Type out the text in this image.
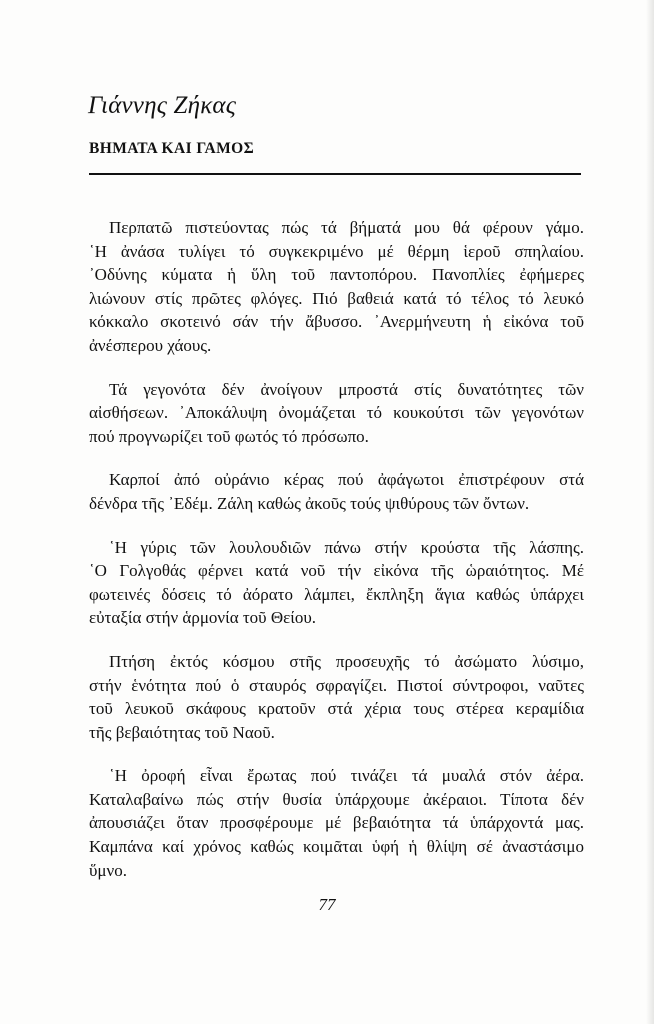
Γιάννης Ζήκας
ΒΗΜΑΤΑ ΚΑΙ ΓΑΜΟΣ

Περπατῶ πιστεύοντας πώς τά βήματά μου θά φέρουν γάμο.
῾Η ἀνάσα τυλίγει τό συγκεκριμένο μέ θέρμη ἱεροῦ σπηλαίου.
᾿Οδύνης κύματα ἡ ὕλη τοῦ παντοπόρου. Πανοπλίες ἐφήμερες
λιώνουν στίς πρῶτες φλόγες. Πιό βαθειά κατά τό τέλος τό λευκό
κόκκαλο σκοτεινό σάν τήν ἄβυσσο. ᾿Ανερμήνευτη ἡ εἰκόνα τοῦ
ἀνέσπερου χάους.

Τά γεγονότα δέν ἀνοίγουν μπροστά στίς δυνατότητες τῶν
αἰσθήσεων. ᾿Αποκάλυψη ὀνομάζεται τό κουκούτσι τῶν γεγονότων
πού προγνωρίζει τοῦ φωτός τό πρόσωπο.

Καρποί ἀπό οὐράνιο κέρας πού ἀφάγωτοι ἐπιστρέφουν στά
δένδρα τῆς ᾿Εδέμ. Ζάλη καθώς ἀκοῦς τούς ψιθύρους τῶν ὄντων.

῾Η γύρις τῶν λουλουδιῶν πάνω στήν κρούστα τῆς λάσπης.
῾Ο Γολγοθάς φέρνει κατά νοῦ τήν εἰκόνα τῆς ὡραιότητος. Μέ
φωτεινές δόσεις τό ἀόρατο λάμπει, ἔκπληξη ἅγια καθώς ὑπάρχει
εὐταξία στήν ἁρμονία τοῦ Θείου.

Πτήση ἐκτός κόσμου στῆς προσευχῆς τό ἀσώματο λύσιμο,
στήν ἑνότητα πού ὁ σταυρός σφραγίζει. Πιστοί σύντροφοι, ναῦτες
τοῦ λευκοῦ σκάφους κρατοῦν στά χέρια τους στέρεα κεραμίδια
τῆς βεβαιότητας τοῦ Ναοῦ.

῾Η ὀροφή εἶναι ἔρωτας πού τινάζει τά μυαλά στόν ἀέρα.
Καταλαβαίνω πώς στήν θυσία ὑπάρχουμε ἀκέραιοι. Τίποτα δέν
ἀπουσιάζει ὅταν προσφέρουμε μέ βεβαιότητα τά ὑπάρχοντά μας.
Καμπάνα καί χρόνος καθώς κοιμᾶται ὑφή ἡ θλίψη σέ ἀναστάσιμο
ὕμνο.

77
